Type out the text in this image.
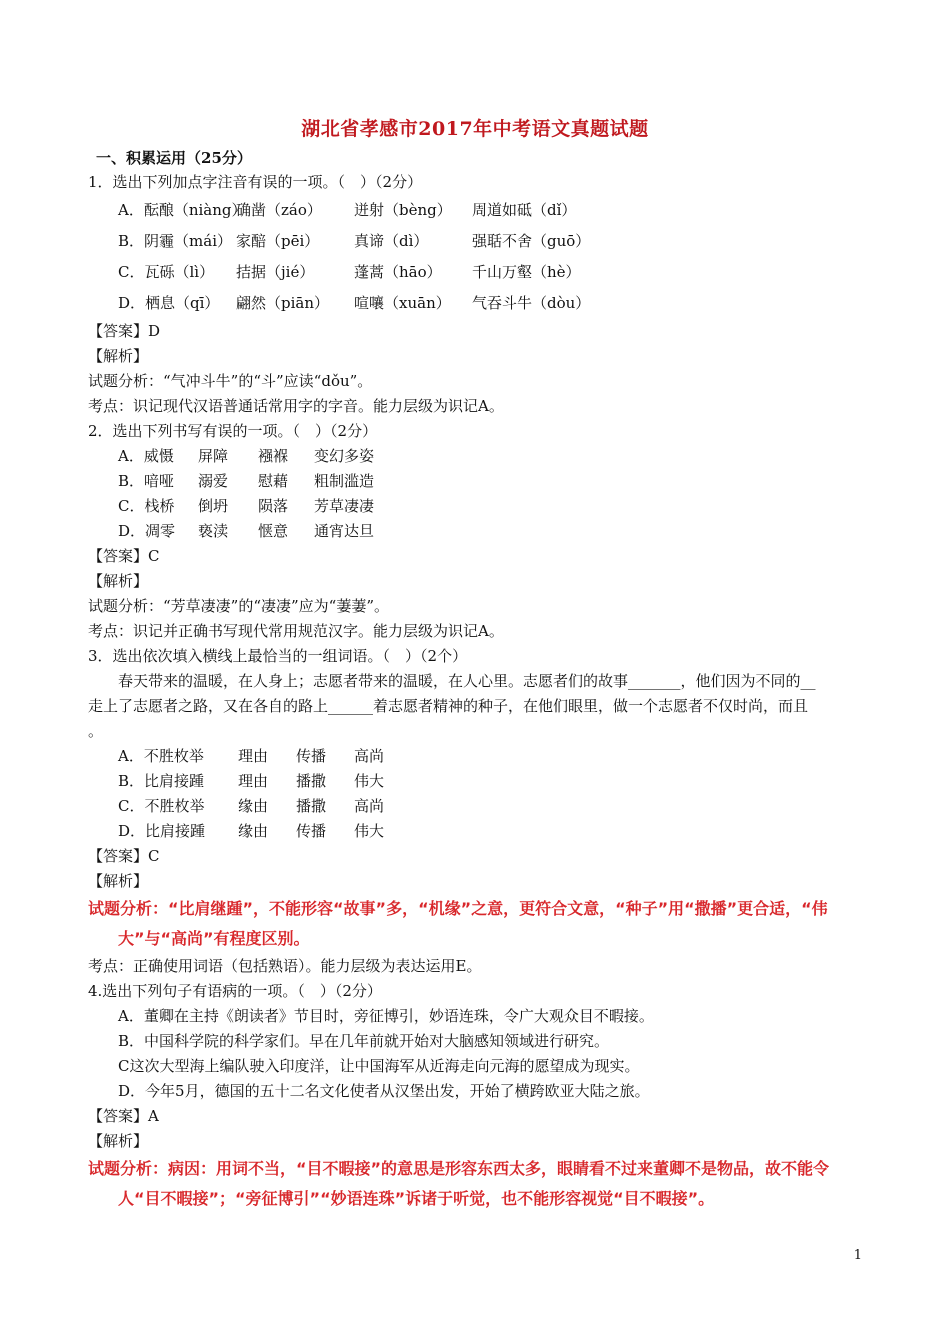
湖北省孝感市2017年中考语文真题试题
一、积累运用（25分）
1．选出下列加点字注音有误的一项。（　）（2分）
A．酝酿（niàng）确凿（záo） 迸射（bèng） 周道如砥（dǐ）
B．阴霾（mái） 家醅（pēi） 真谛（dì）	强聒不舍（guō）
C．瓦砾（lì） 拮据（jié）	蓬蒿（hāo） 千山万壑（hè）
D．栖息（qī） 翩然（piān） 喧嚷（xuān） 气吞斗牛（dòu）
【答案】D
【解析】
试题分析：“气冲斗牛”的“斗”应读“dǒu”。
考点：识记现代汉语普通话常用字的字音。能力层级为识记A。
2．选出下列书写有误的一项。（　）（2分）
A．威慑 屏障 襁褓 变幻多姿
B．喑哑 溺爱 慰藉 粗制滥造
C．栈桥 倒坍 陨落 芳草凄凄
D．凋零 亵渎 惬意 通宵达旦
【答案】C
【解析】
试题分析：“芳草凄凄”的“凄凄”应为“萋萋”。
考点：识记并正确书写现代常用规范汉字。能力层级为识记A。
3．选出依次填入横线上最恰当的一组词语。（　）（2个）
春天带来的温暖，在人身上；志愿者带来的温暖，在人心里。志愿者们的故事_______，他们因为不同的__
走上了志愿者之路，又在各自的路上______着志愿者精神的种子，在他们眼里，做一个志愿者不仅时尚，而且
。
A．不胜枚举 理由 传播 高尚
B．比肩接踵 理由 播撒 伟大
C．不胜枚举 缘由 播撒 高尚
D．比肩接踵 缘由 传播 伟大
【答案】C
【解析】
试题分析：“比肩继踵”，不能形容“故事”多，“机缘”之意，更符合文意，“种子”用“撒播”更合适，“伟
大”与“高尚”有程度区别。
考点：正确使用词语（包括熟语）。能力层级为表达运用E。
4.选出下列句子有语病的一项。（　）（2分）
A．董卿在主持《朗读者》节目时，旁征博引，妙语连珠，令广大观众目不暇接。
B．中国科学院的科学家们。早在几年前就开始对大脑感知领域进行研究。
C这次大型海上编队驶入印度洋，让中国海军从近海走向元海的愿望成为现实。
D．今年5月，德国的五十二名文化使者从汉堡出发，开始了横跨欧亚大陆之旅。
【答案】A
【解析】
试题分析：病因：用词不当，“目不暇接”的意思是形容东西太多，眼睛看不过来董卿不是物品，故不能令
人“目不暇接”；“旁征博引”“妙语连珠”诉诸于听觉，也不能形容视觉“目不暇接”。
1
